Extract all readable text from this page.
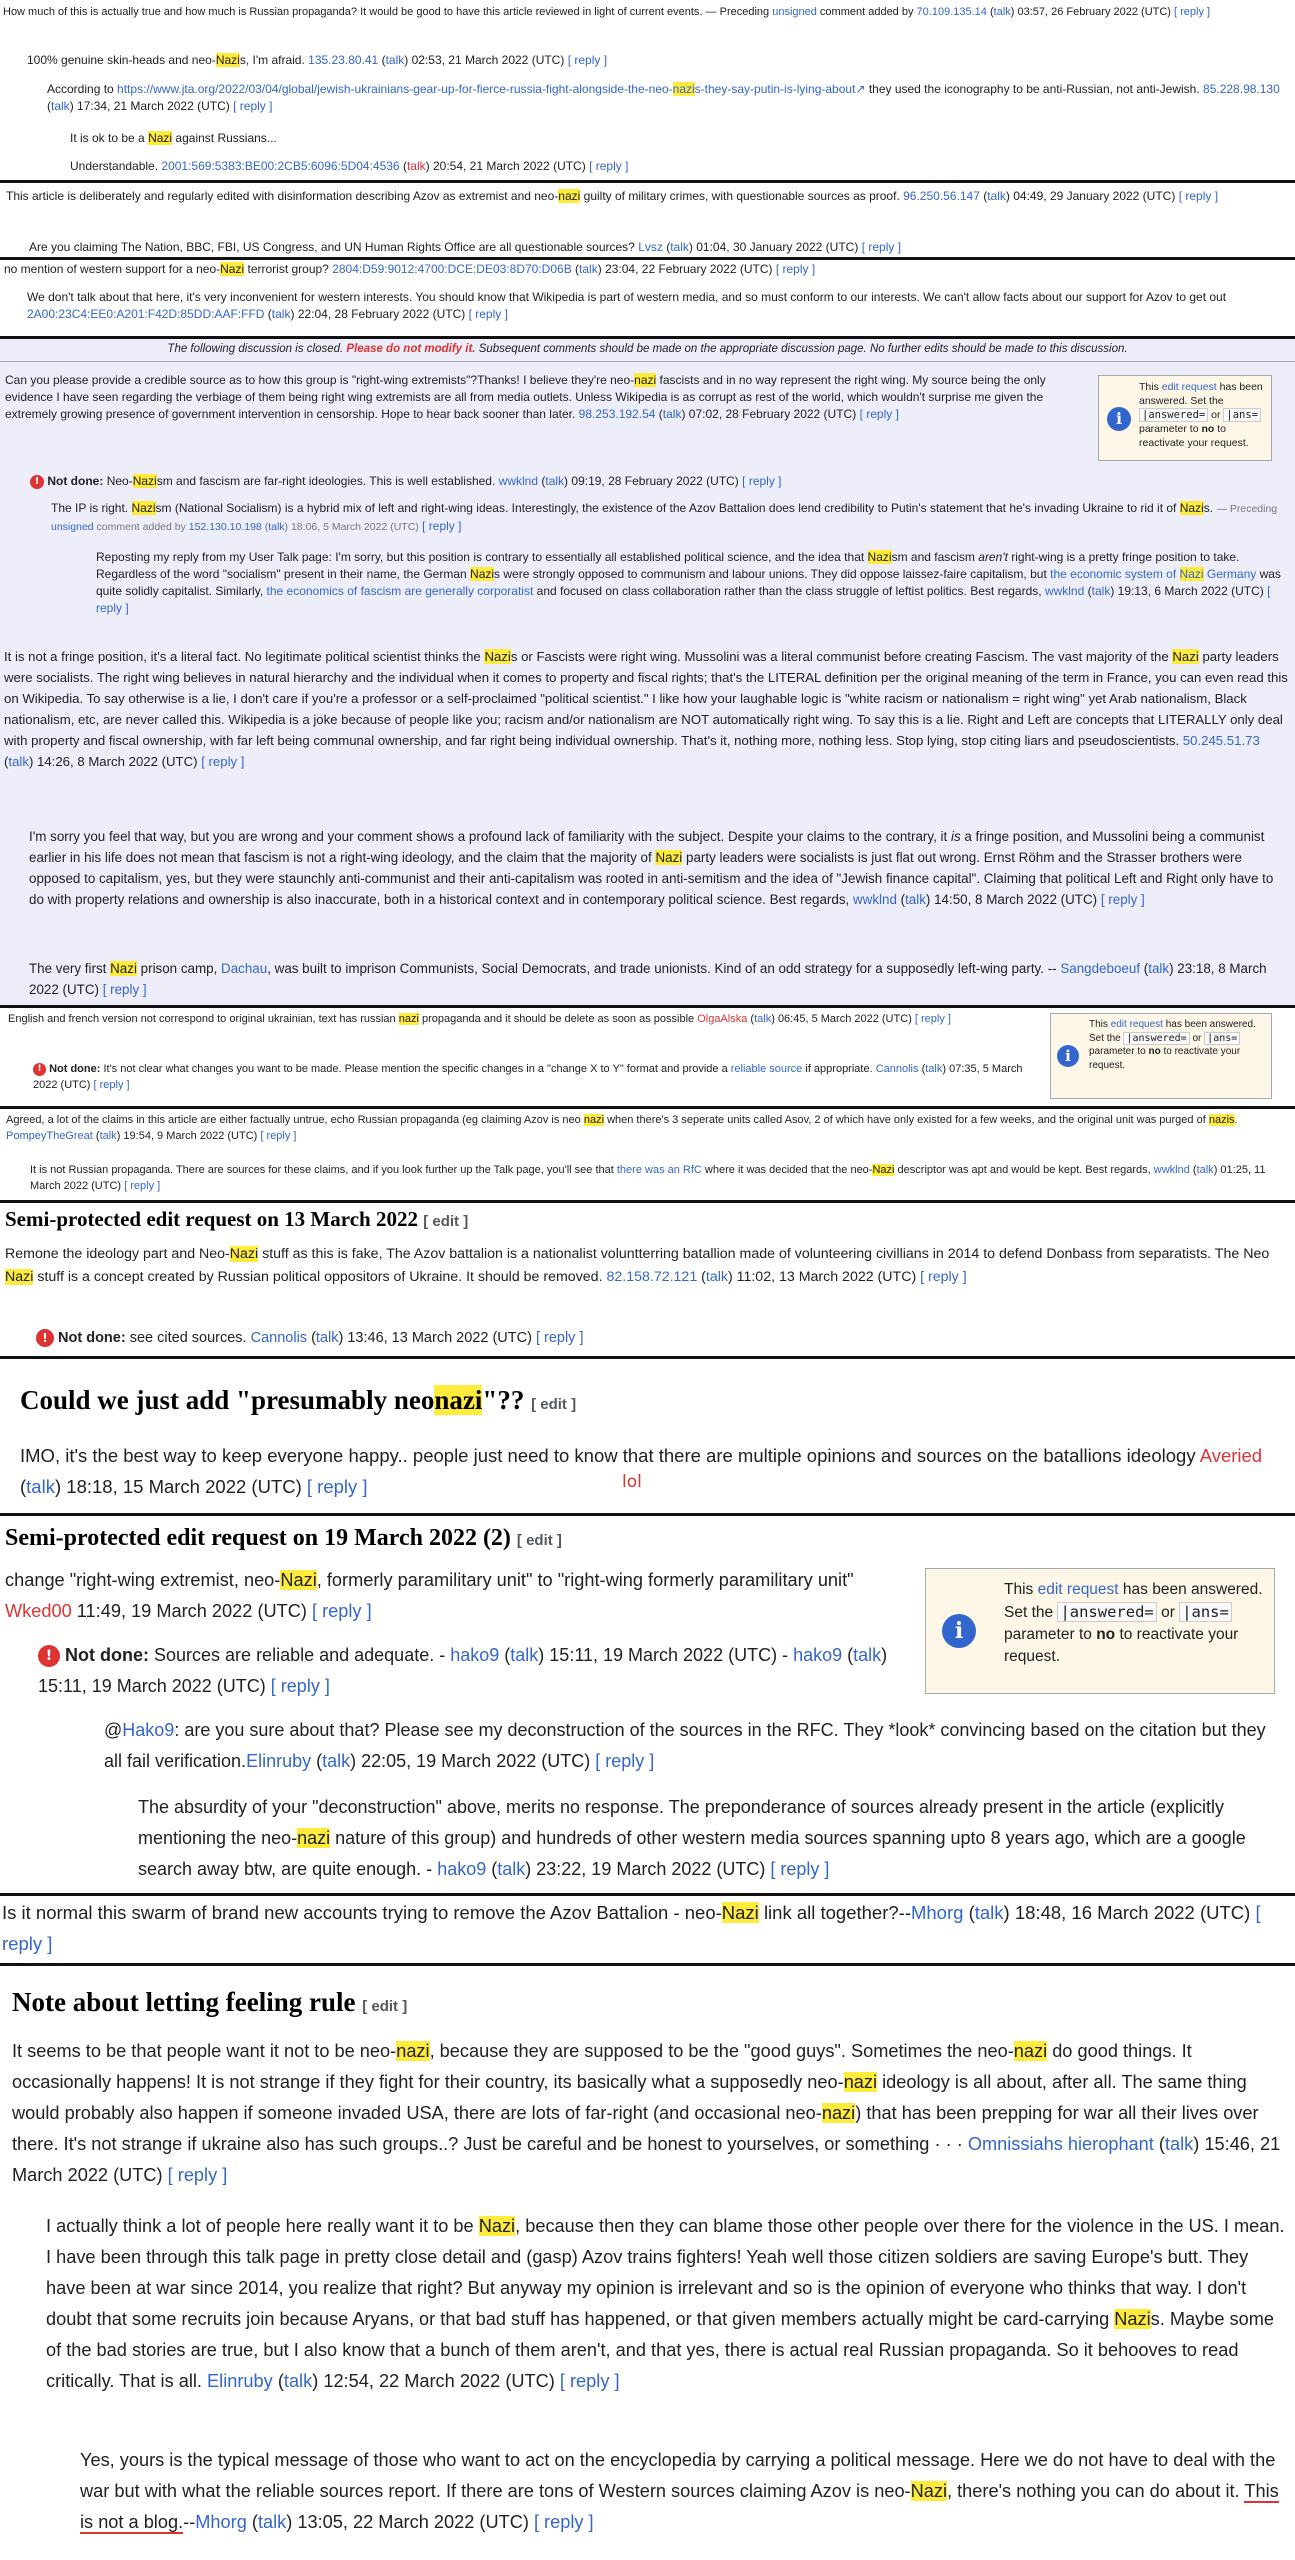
How much of this is actually true and how much is Russian propaganda? It would be good to have this article reviewed in light of current events. — Preceding unsigned comment added by 70.109.135.14 (talk) 03:57, 26 February 2022 (UTC) [ reply ]

100% genuine skin-heads and neo-Nazis, I'm afraid. 135.23.80.41 (talk) 02:53, 21 March 2022 (UTC) [ reply ]

According to https://www.jta.org/2022/03/04/global/jewish-ukrainians-gear-up-for-fierce-russia-fight-alongside-the-neo-nazis-they-say-putin-is-lying-about↗ they used the iconography to be anti-Russian, not anti-Jewish. 85.228.98.130 (talk) 17:34, 21 March 2022 (UTC) [ reply ]

It is ok to be a Nazi against Russians...

Understandable. 2001:569:5383:BE00:2CB5:6096:5D04:4536 (talk) 20:54, 21 March 2022 (UTC) [ reply ]

This article is deliberately and regularly edited with disinformation describing Azov as extremist and neo-nazi guilty of military crimes, with questionable sources as proof. 96.250.56.147 (talk) 04:49, 29 January 2022 (UTC) [ reply ]

Are you claiming The Nation, BBC, FBI, US Congress, and UN Human Rights Office are all questionable sources? Lvsz (talk) 01:04, 30 January 2022 (UTC) [ reply ]

no mention of western support for a neo-Nazi terrorist group? 2804:D59:9012:4700:DCE:DE03:8D70:D06B (talk) 23:04, 22 February 2022 (UTC) [ reply ]

We don't talk about that here, it's very inconvenient for western interests. You should know that Wikipedia is part of western media, and so must conform to our interests. We can't allow facts about our support for Azov to get out 2A00:23C4:EE0:A201:F42D:85DD:AAF:FFD (talk) 22:04, 28 February 2022 (UTC) [ reply ]

The following discussion is closed. Please do not modify it. Subsequent comments should be made on the appropriate discussion page. No further edits should be made to this discussion.

Can you please provide a credible source as to how this group is "right-wing extremists"?Thanks! I believe they're neo-nazi fascists and in no way represent the right wing. My source being the only evidence I have seen regarding the verbiage of them being right wing extremists are all from media outlets. Unless Wikipedia is as corrupt as rest of the world, which wouldn't surprise me given the extremely growing presence of government intervention in censorship. Hope to hear back sooner than later. 98.253.192.54 (talk) 07:02, 28 February 2022 (UTC) [ reply ]	i
This edit request has been answered. Set the |answered= or |ans= parameter to no to reactivate your request.

! Not done: Neo-Nazism and fascism are far-right ideologies. This is well established. wwklnd (talk) 09:19, 28 February 2022 (UTC) [ reply ]

The IP is right. Nazism (National Socialism) is a hybrid mix of left and right-wing ideas. Interestingly, the existence of the Azov Battalion does lend credibility to Putin's statement that he's invading Ukraine to rid it of Nazis. — Preceding unsigned comment added by 152.130.10.198 (talk) 18:06, 5 March 2022 (UTC) [ reply ]

Reposting my reply from my User Talk page: I'm sorry, but this position is contrary to essentially all established political science, and the idea that Nazism and fascism aren't right-wing is a pretty fringe position to take. Regardless of the word "socialism" present in their name, the German Nazis were strongly opposed to communism and labour unions. They did oppose laissez-faire capitalism, but the economic system of Nazi Germany was quite solidly capitalist. Similarly, the economics of fascism are generally corporatist and focused on class collaboration rather than the class struggle of leftist politics. Best regards, wwklnd (talk) 19:13, 6 March 2022 (UTC) [ reply ]

It is not a fringe position, it's a literal fact. No legitimate political scientist thinks the Nazis or Fascists were right wing. Mussolini was a literal communist before creating Fascism. The vast majority of the Nazi party leaders were socialists. The right wing believes in natural hierarchy and the individual when it comes to property and fiscal rights; that's the LITERAL definition per the original meaning of the term in France, you can even read this on Wikipedia. To say otherwise is a lie, I don't care if you're a professor or a self-proclaimed "political scientist." I like how your laughable logic is "white racism or nationalism = right wing" yet Arab nationalism, Black nationalism, etc, are never called this. Wikipedia is a joke because of people like you; racism and/or nationalism are NOT automatically right wing. To say this is a lie. Right and Left are concepts that LITERALLY only deal with property and fiscal ownership, with far left being communal ownership, and far right being individual ownership. That's it, nothing more, nothing less. Stop lying, stop citing liars and pseudoscientists. 50.245.51.73 (talk) 14:26, 8 March 2022 (UTC) [ reply ]

I'm sorry you feel that way, but you are wrong and your comment shows a profound lack of familiarity with the subject. Despite your claims to the contrary, it is a fringe position, and Mussolini being a communist earlier in his life does not mean that fascism is not a right-wing ideology, and the claim that the majority of Nazi party leaders were socialists is just flat out wrong. Ernst Röhm and the Strasser brothers were opposed to capitalism, yes, but they were staunchly anti-communist and their anti-capitalism was rooted in anti-semitism and the idea of "Jewish finance capital". Claiming that political Left and Right only have to do with property relations and ownership is also inaccurate, both in a historical context and in contemporary political science. Best regards, wwklnd (talk) 14:50, 8 March 2022 (UTC) [ reply ]

The very first Nazi prison camp, Dachau, was built to imprison Communists, Social Democrats, and trade unionists. Kind of an odd strategy for a supposedly left-wing party. -- Sangdeboeuf (talk) 23:18, 8 March 2022 (UTC) [ reply ]

English and french version not correspond to original ukrainian, text has russian nazi propaganda and it should be delete as soon as possible OlgaAlska (talk) 06:45, 5 March 2022 (UTC) [ reply ]

i
This edit request has been answered. Set the |answered= or |ans= parameter to no to reactivate your request.

! Not done: It's not clear what changes you want to be made. Please mention the specific changes in a "change X to Y" format and provide a reliable source if appropriate. Cannolis (talk) 07:35, 5 March 2022 (UTC) [ reply ]

Agreed, a lot of the claims in this article are either factually untrue, echo Russian propaganda (eg claiming Azov is neo nazi when there's 3 seperate units called Asov, 2 of which have only existed for a few weeks, and the original unit was purged of nazis. PompeyTheGreat (talk) 19:54, 9 March 2022 (UTC) [ reply ]

It is not Russian propaganda. There are sources for these claims, and if you look further up the Talk page, you'll see that there was an RfC where it was decided that the neo-Nazi descriptor was apt and would be kept. Best regards, wwklnd (talk) 01:25, 11 March 2022 (UTC) [ reply ]

Semi-protected edit request on 13 March 2022 [ edit ]

Remone the ideology part and Neo-Nazi stuff as this is fake, The Azov battalion is a nationalist voluntterring batallion made of volunteering civillians in 2014 to defend Donbass from separatists. The Neo Nazi stuff is a concept created by Russian political oppositors of Ukraine. It should be removed. 82.158.72.121 (talk) 11:02, 13 March 2022 (UTC) [ reply ]

! Not done: see cited sources. Cannolis (talk) 13:46, 13 March 2022 (UTC) [ reply ]

Could we just add "presumably neonazi"?? [ edit ]

IMO, it's the best way to keep everyone happy.. people just need to know that there are multiple opinions and sources on the batallions ideology Averied (talk) 18:18, 15 March 2022 (UTC) [ reply ]	lol
Semi-protected edit request on 19 March 2022 (2) [ edit ]

change "right-wing extremist, neo-Nazi, formerly paramilitary unit" to "right-wing formerly paramilitary unit" Wked00 11:49, 19 March 2022 (UTC) [ reply ]

i
This edit request has been answered. Set the |answered= or |ans= parameter to no to reactivate your request.

! Not done: Sources are reliable and adequate. - hako9 (talk) 15:11, 19 March 2022 (UTC) - hako9 (talk) 15:11, 19 March 2022 (UTC) [ reply ]

@Hako9: are you sure about that? Please see my deconstruction of the sources in the RFC. They *look* convincing based on the citation but they all fail verification.Elinruby (talk) 22:05, 19 March 2022 (UTC) [ reply ]

The absurdity of your "deconstruction" above, merits no response. The preponderance of sources already present in the article (explicitly mentioning the neo-nazi nature of this group) and hundreds of other western media sources spanning upto 8 years ago, which are a google search away btw, are quite enough. - hako9 (talk) 23:22, 19 March 2022 (UTC) [ reply ]

Is it normal this swarm of brand new accounts trying to remove the Azov Battalion - neo-Nazi link all together?--Mhorg (talk) 18:48, 16 March 2022 (UTC) [ reply ]

Note about letting feeling rule [ edit ]

It seems to be that people want it not to be neo-nazi, because they are supposed to be the "good guys". Sometimes the neo-nazi do good things. It occasionally happens! It is not strange if they fight for their country, its basically what a supposedly neo-nazi ideology is all about, after all. The same thing would probably also happen if someone invaded USA, there are lots of far-right (and occasional neo-nazi) that has been prepping for war all their lives over there. It's not strange if ukraine also has such groups..? Just be careful and be honest to yourselves, or something · · · Omnissiahs hierophant (talk) 15:46, 21 March 2022 (UTC) [ reply ]

I actually think a lot of people here really want it to be Nazi, because then they can blame those other people over there for the violence in the US. I mean. I have been through this talk page in pretty close detail and (gasp) Azov trains fighters! Yeah well those citizen soldiers are saving Europe's butt. They have been at war since 2014, you realize that right? But anyway my opinion is irrelevant and so is the opinion of everyone who thinks that way. I don't doubt that some recruits join because Aryans, or that bad stuff has happened, or that given members actually might be card-carrying Nazis. Maybe some of the bad stories are true, but I also know that a bunch of them aren't, and that yes, there is actual real Russian propaganda. So it behooves to read critically. That is all. Elinruby (talk) 12:54, 22 March 2022 (UTC) [ reply ]

Yes, yours is the typical message of those who want to act on the encyclopedia by carrying a political message. Here we do not have to deal with the war but with what the reliable sources report. If there are tons of Western sources claiming Azov is neo-Nazi, there's nothing you can do about it. This is not a blog.--Mhorg (talk) 13:05, 22 March 2022 (UTC) [ reply ]
